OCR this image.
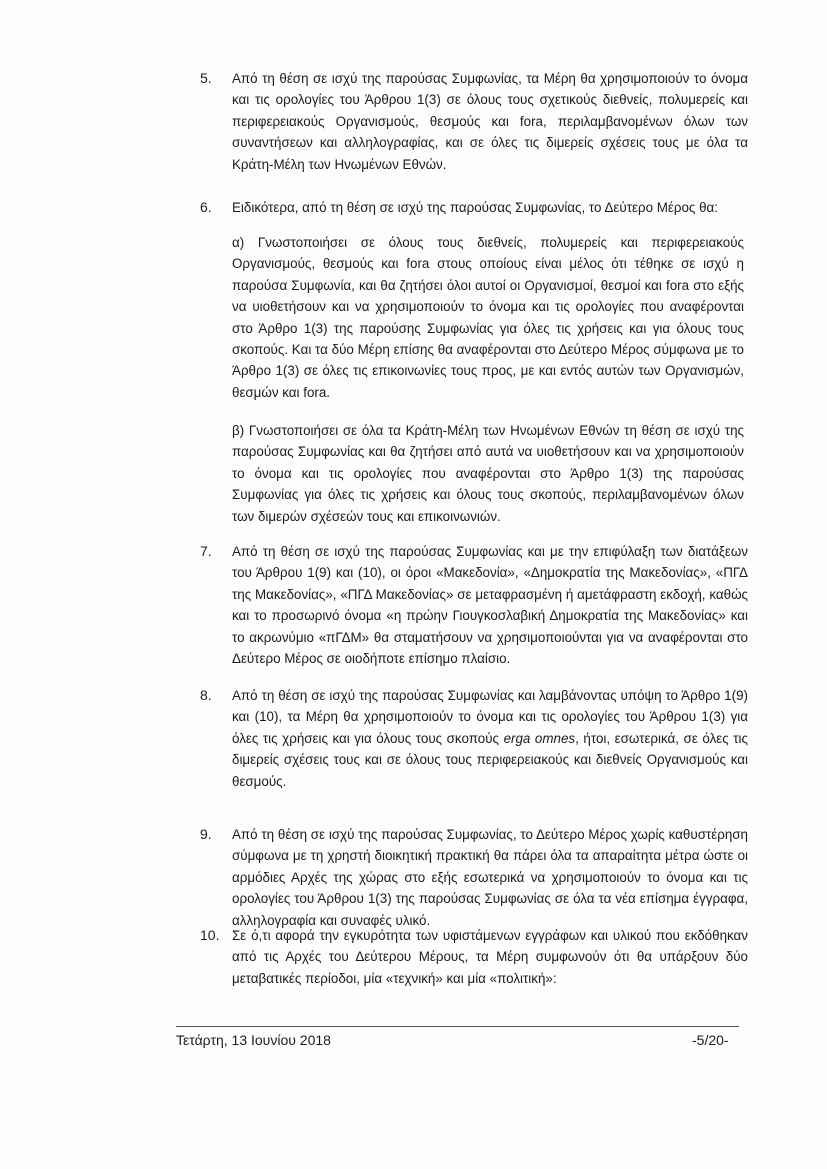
5. Από τη θέση σε ισχύ της παρούσας Συμφωνίας, τα Μέρη θα χρησιμοποιούν το όνομα και τις ορολογίες του Άρθρου 1(3) σε όλους τους σχετικούς διεθνείς, πολυμερείς και περιφερειακούς Οργανισμούς, θεσμούς και fora, περιλαμβανομένων όλων των συναντήσεων και αλληλογραφίας, και σε όλες τις διμερείς σχέσεις τους με όλα τα Κράτη-Μέλη των Ηνωμένων Εθνών.
6. Ειδικότερα, από τη θέση σε ισχύ της παρούσας Συμφωνίας, το Δεύτερο Μέρος θα:
α) Γνωστοποιήσει σε όλους τους διεθνείς, πολυμερείς και περιφερειακούς Οργανισμούς, θεσμούς και fora στους οποίους είναι μέλος ότι τέθηκε σε ισχύ η παρούσα Συμφωνία, και θα ζητήσει όλοι αυτοί οι Οργανισμοί, θεσμοί και fora στο εξής να υιοθετήσουν και να χρησιμοποιούν το όνομα και τις ορολογίες που αναφέρονται στο Άρθρο 1(3) της παρούσης Συμφωνίας για όλες τις χρήσεις και για όλους τους σκοπούς. Και τα δύο Μέρη επίσης θα αναφέρονται στο Δεύτερο Μέρος σύμφωνα με το Άρθρο 1(3) σε όλες τις επικοινωνίες τους προς, με και εντός αυτών των Οργανισμών, θεσμών και fora.
β) Γνωστοποιήσει σε όλα τα Κράτη-Μέλη των Ηνωμένων Εθνών τη θέση σε ισχύ της παρούσας Συμφωνίας και θα ζητήσει από αυτά να υιοθετήσουν και να χρησιμοποιούν το όνομα και τις ορολογίες που αναφέρονται στο Άρθρο 1(3) της παρούσας Συμφωνίας για όλες τις χρήσεις και όλους τους σκοπούς, περιλαμβανομένων όλων των διμερών σχέσεών τους και επικοινωνιών.
7. Από τη θέση σε ισχύ της παρούσας Συμφωνίας και με την επιφύλαξη των διατάξεων του Άρθρου 1(9) και (10), οι όροι «Μακεδονία», «Δημοκρατία της Μακεδονίας», «ΠΓΔ της Μακεδονίας», «ΠΓΔ Μακεδονίας» σε μεταφρασμένη ή αμετάφραστη εκδοχή, καθώς και το προσωρινό όνομα «η πρώην Γιουγκοσλαβική Δημοκρατία της Μακεδονίας» και το ακρωνύμιο «πΓΔΜ» θα σταματήσουν να χρησιμοποιούνται για να αναφέρονται στο Δεύτερο Μέρος σε οιοδήποτε επίσημο πλαίσιο.
8. Από τη θέση σε ισχύ της παρούσας Συμφωνίας και λαμβάνοντας υπόψη το Άρθρο 1(9) και (10), τα Μέρη θα χρησιμοποιούν το όνομα και τις ορολογίες του Άρθρου 1(3) για όλες τις χρήσεις και για όλους τους σκοπούς erga omnes, ήτοι, εσωτερικά, σε όλες τις διμερείς σχέσεις τους και σε όλους τους περιφερειακούς και διεθνείς Οργανισμούς και θεσμούς.
9. Από τη θέση σε ισχύ της παρούσας Συμφωνίας, το Δεύτερο Μέρος χωρίς καθυστέρηση σύμφωνα με τη χρηστή διοικητική πρακτική θα πάρει όλα τα απαραίτητα μέτρα ώστε οι αρμόδιες Αρχές της χώρας στο εξής εσωτερικά να χρησιμοποιούν το όνομα και τις ορολογίες του Άρθρου 1(3) της παρούσας Συμφωνίας σε όλα τα νέα επίσημα έγγραφα, αλληλογραφία και συναφές υλικό.
10. Σε ό,τι αφορά την εγκυρότητα των υφιστάμενων εγγράφων και υλικού που εκδόθηκαν από τις Αρχές του Δεύτερου Μέρους, τα Μέρη συμφωνούν ότι θα υπάρξουν δύο μεταβατικές περίοδοι, μία «τεχνική» και μία «πολιτική»:
Τετάρτη, 13 Ιουνίου 2018	-5/20-
